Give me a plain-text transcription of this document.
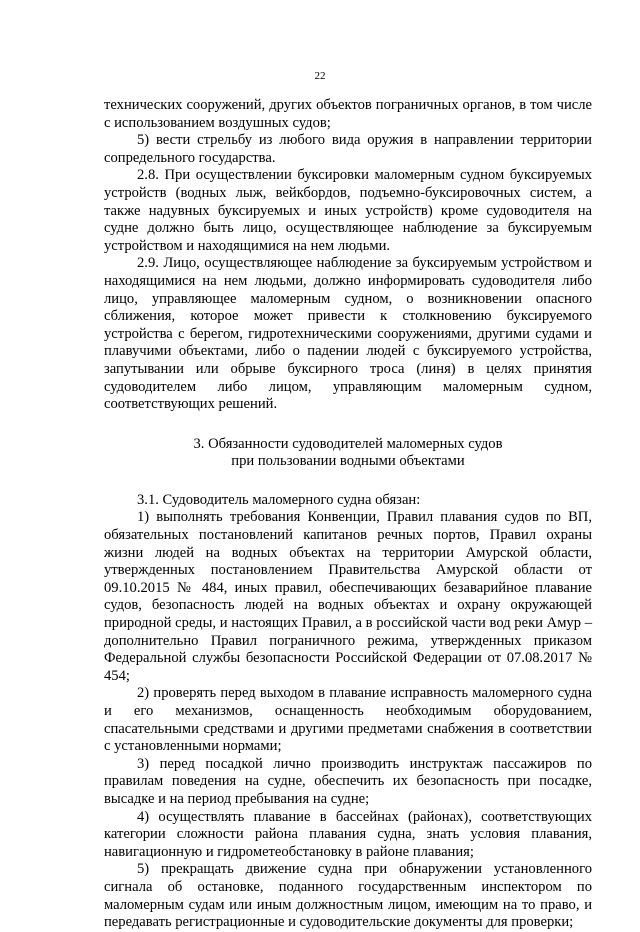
22

технических сооружений, других объектов пограничных органов, в том числе с использованием воздушных судов;

5) вести стрельбу из любого вида оружия в направлении территории сопредельного государства.

2.8. При осуществлении буксировки маломерным судном буксируемых устройств (водных лыж, вейкбордов, подъемно-буксировочных систем, а также надувных буксируемых и иных устройств) кроме судоводителя на судне должно быть лицо, осуществляющее наблюдение за буксируемым устройством и находящимися на нем людьми.

2.9. Лицо, осуществляющее наблюдение за буксируемым устройством и находящимися на нем людьми, должно информировать судоводителя либо лицо, управляющее маломерным судном, о возникновении опасного сближения, которое может привести к столкновению буксируемого устройства с берегом, гидротехническими сооружениями, другими судами и плавучими объектами, либо о падении людей с буксируемого устройства, запутывании или обрыве буксирного троса (линя) в целях принятия судоводителем либо лицом, управляющим маломерным судном, соответствующих решений.

3. Обязанности судоводителей маломерных судов
при пользовании водными объектами

3.1. Судоводитель маломерного судна обязан:

1) выполнять требования Конвенции, Правил плавания судов по ВП, обязательных постановлений капитанов речных портов, Правил охраны жизни людей на водных объектах на территории Амурской области, утвержденных постановлением Правительства Амурской области от 09.10.2015 № 484, иных правил, обеспечивающих безаварийное плавание судов, безопасность людей на водных объектах и охрану окружающей природной среды, и настоящих Правил, а в российской части вод реки Амур – дополнительно Правил пограничного режима, утвержденных приказом Федеральной службы безопасности Российской Федерации от 07.08.2017 № 454;

2) проверять перед выходом в плавание исправность маломерного судна и его механизмов, оснащенность необходимым оборудованием, спасательными средствами и другими предметами снабжения в соответствии с установленными нормами;

3) перед посадкой лично производить инструктаж пассажиров по правилам поведения на судне, обеспечить их безопасность при посадке, высадке и на период пребывания на судне;

4) осуществлять плавание в бассейнах (районах), соответствующих категории сложности района плавания судна, знать условия плавания, навигационную и гидрометеобстановку в районе плавания;

5) прекращать движение судна при обнаружении установленного сигнала об остановке, поданного государственным инспектором по маломерным судам или иным должностным лицом, имеющим на то право, и передавать регистрационные и судоводительские документы для проверки;
